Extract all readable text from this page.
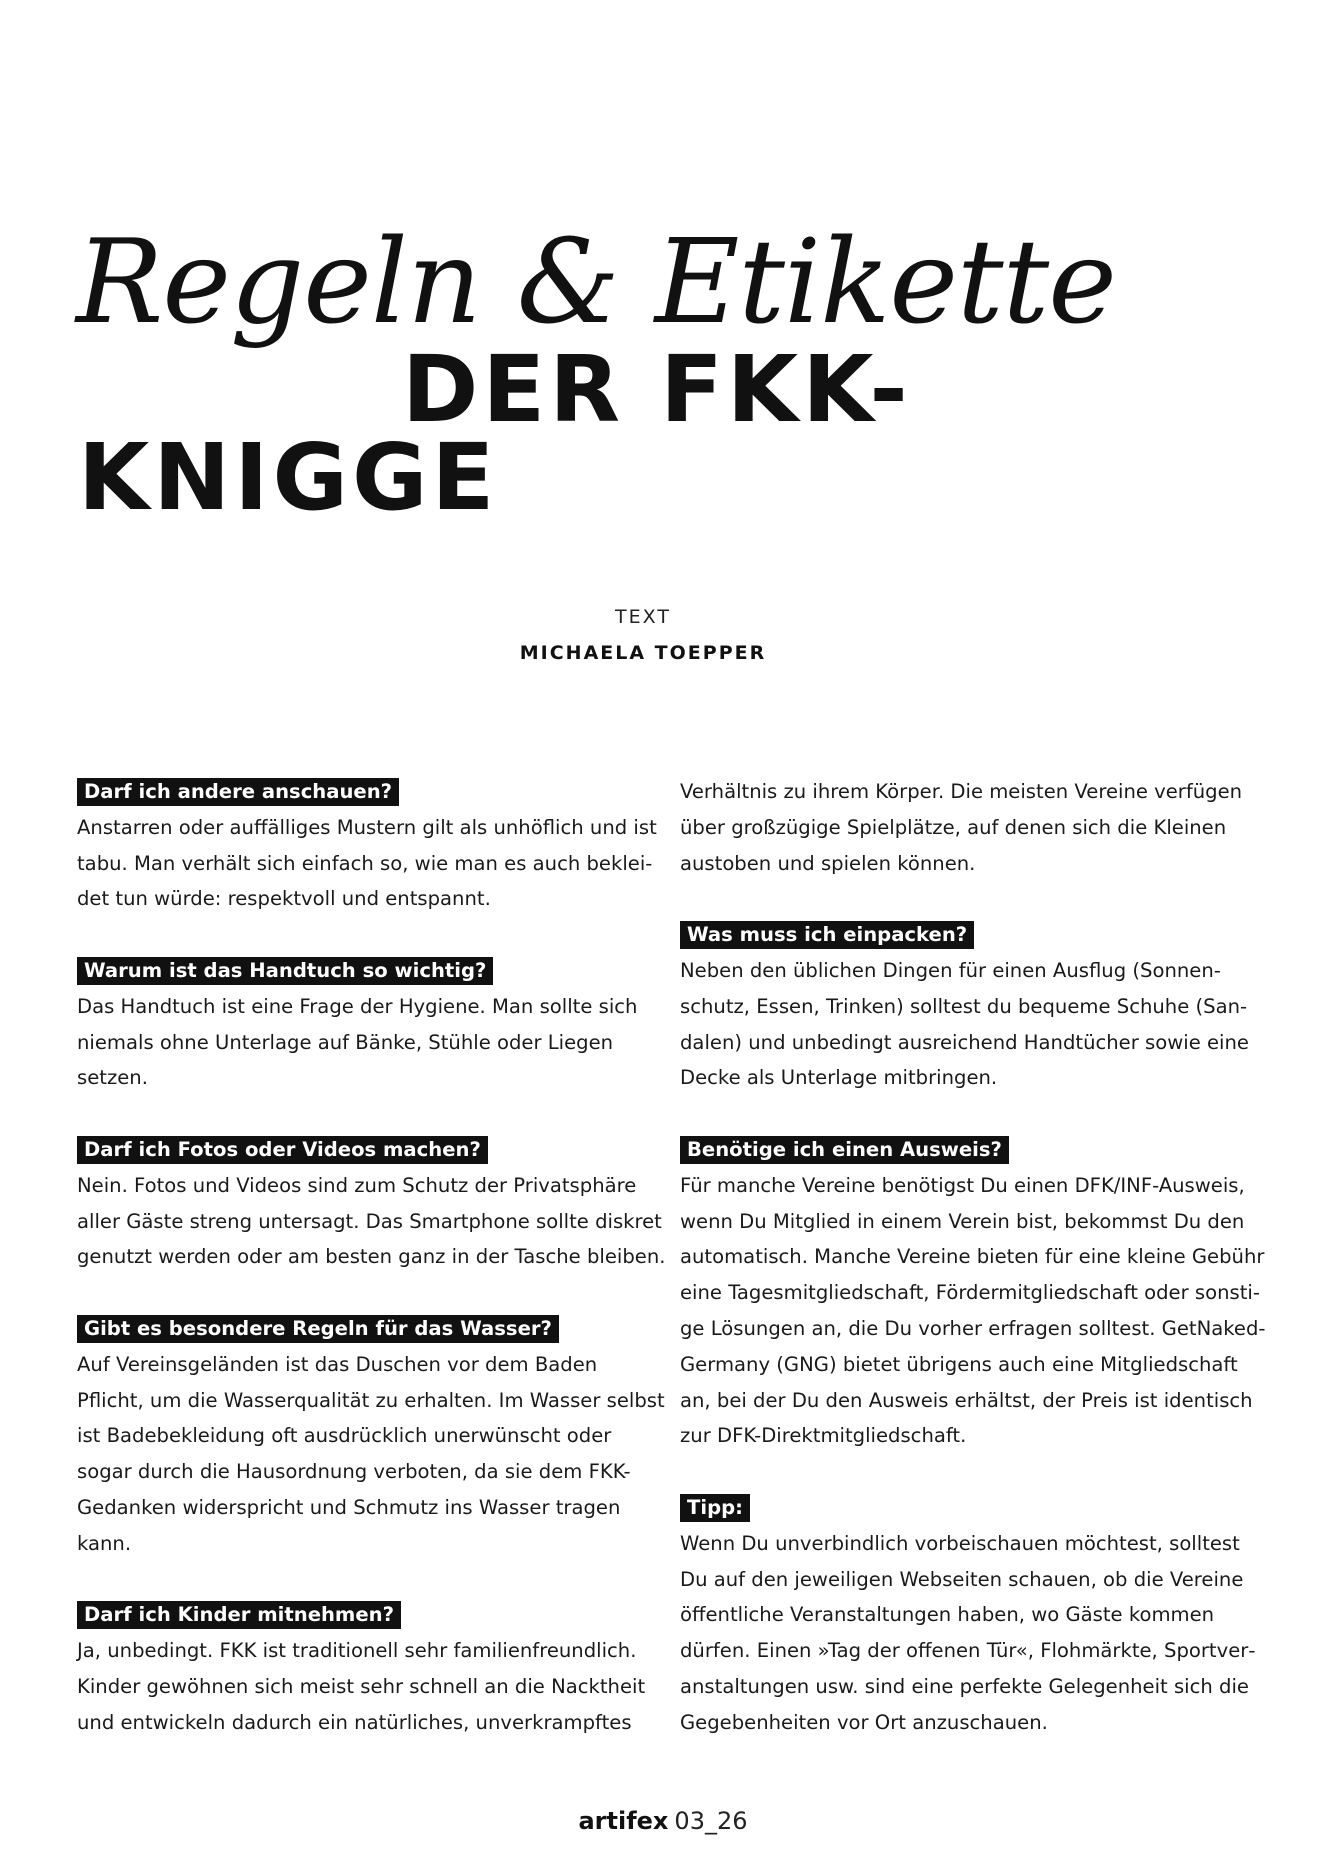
Regeln & Etikette
DER FKK-
KNIGGE
TEXT
MICHAELA TOEPPER
Darf ich andere anschauen?

Anstarren oder auffälliges Mustern gilt als unhöflich und ist tabu. Man verhält sich einfach so, wie man es auch bekleidet tun würde: respektvoll und entspannt.

Warum ist das Handtuch so wichtig?

Das Handtuch ist eine Frage der Hygiene. Man sollte sich niemals ohne Unterlage auf Bänke, Stühle oder Liegen setzen.

Darf ich Fotos oder Videos machen?

Nein. Fotos und Videos sind zum Schutz der Privatsphäre aller Gäste streng untersagt. Das Smartphone sollte diskret genutzt werden oder am besten ganz in der Tasche bleiben.

Gibt es besondere Regeln für das Wasser?

Auf Vereinsgeländen ist das Duschen vor dem Baden Pflicht, um die Wasserqualität zu erhalten. Im Wasser selbst ist Badebekleidung oft ausdrücklich unerwünscht oder sogar durch die Hausordnung verboten, da sie dem FKK-Gedanken widerspricht und Schmutz ins Wasser tragen kann.

Darf ich Kinder mitnehmen?

Ja, unbedingt. FKK ist traditionell sehr familienfreundlich. Kinder gewöhnen sich meist sehr schnell an die Nacktheit und entwickeln dadurch ein natürliches, unverkrampftes

Verhältnis zu ihrem Körper. Die meisten Vereine verfügen über großzügige Spielplätze, auf denen sich die Kleinen austoben und spielen können.

Was muss ich einpacken?

Neben den üblichen Dingen für einen Ausflug (Sonnenschutz, Essen, Trinken) solltest du bequeme Schuhe (Sandalen) und unbedingt ausreichend Handtücher sowie eine Decke als Unterlage mitbringen.

Benötige ich einen Ausweis?

Für manche Vereine benötigst Du einen DFK/INF-Ausweis, wenn Du Mitglied in einem Verein bist, bekommst Du den automatisch. Manche Vereine bieten für eine kleine Gebühr eine Tagesmitgliedschaft, Fördermitgliedschaft oder sonstige Lösungen an, die Du vorher erfragen solltest. GetNaked-Germany (GNG) bietet übrigens auch eine Mitgliedschaft an, bei der Du den Ausweis erhältst, der Preis ist identisch zur DFK-Direktmitgliedschaft.

Tipp:

Wenn Du unverbindlich vorbeischauen möchtest, solltest Du auf den jeweiligen Webseiten schauen, ob die Vereine öffentliche Veranstaltungen haben, wo Gäste kommen dürfen. Einen »Tag der offenen Tür«, Flohmärkte, Sportveranstaltungen usw. sind eine perfekte Gelegenheit sich die Gegebenheiten vor Ort anzuschauen.

artifex 03_26
